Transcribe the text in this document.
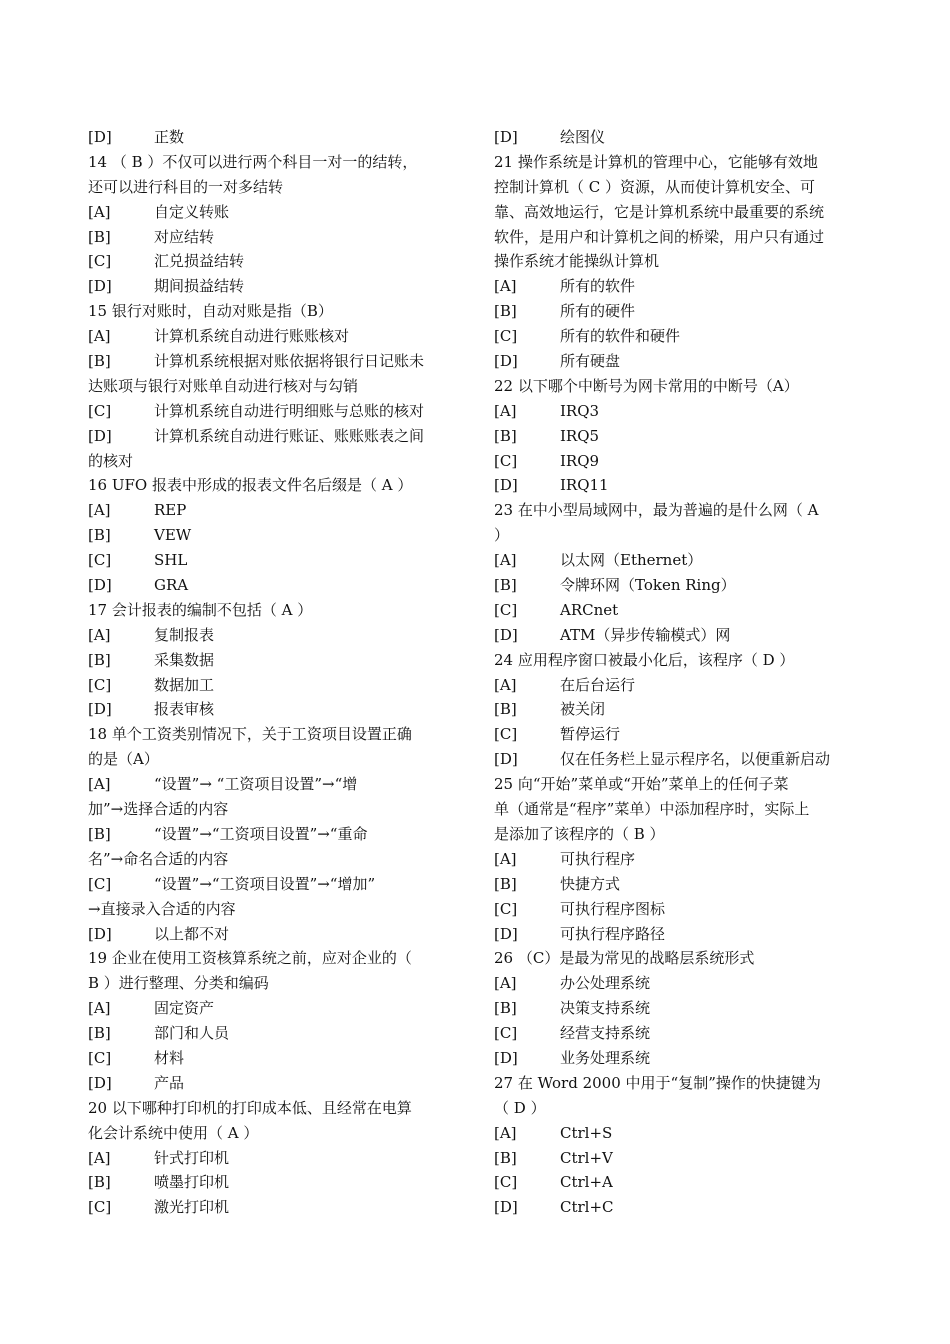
[D]	正数
14 （ B ）不仅可以进行两个科目一对一的结转，
还可以进行科目的一对多结转
[A]	自定义转账
[B]	对应结转
[C]	汇兑损益结转
[D]	期间损益结转
15 银行对账时，自动对账是指（B）
[A]	计算机系统自动进行账账核对
[B]	计算机系统根据对账依据将银行日记账未
达账项与银行对账单自动进行核对与勾销
[C]	计算机系统自动进行明细账与总账的核对
[D]	计算机系统自动进行账证、账账账表之间
的核对
16 UFO 报表中形成的报表文件名后缀是（ A ）
[A]	REP
[B]	VEW
[C]	SHL
[D]	GRA
17 会计报表的编制不包括（ A ）
[A]	复制报表
[B]	采集数据
[C]	数据加工
[D]	报表审核
18 单个工资类别情况下，关于工资项目设置正确
的是（A）
[A]	“设置”→ “工资项目设置”→“增
加”→选择合适的内容
[B]	“设置”→“工资项目设置”→“重命
名”→命名合适的内容
[C]	“设置”→“工资项目设置”→“增加”
→直接录入合适的内容
[D]	以上都不对
19 企业在使用工资核算系统之前，应对企业的（
B ）进行整理、分类和编码
[A]	固定资产
[B]	部门和人员
[C]	材料
[D]	产品
20 以下哪种打印机的打印成本低、且经常在电算
化会计系统中使用（ A ）
[A]	针式打印机
[B]	喷墨打印机
[C]	激光打印机
[D]	绘图仪
21 操作系统是计算机的管理中心，它能够有效地
控制计算机（ C ）资源，从而使计算机安全、可
靠、高效地运行，它是计算机系统中最重要的系统
软件，是用户和计算机之间的桥梁，用户只有通过
操作系统才能操纵计算机
[A]	所有的软件
[B]	所有的硬件
[C]	所有的软件和硬件
[D]	所有硬盘
22 以下哪个中断号为网卡常用的中断号（A）
[A]	IRQ3
[B]	IRQ5
[C]	IRQ9
[D]	IRQ11
23 在中小型局域网中，最为普遍的是什么网（ A
）
[A]	以太网（Ethernet）
[B]	令牌环网（Token Ring）
[C]	ARCnet
[D]	ATM（异步传输模式）网
24 应用程序窗口被最小化后，该程序（ D ）
[A]	在后台运行
[B]	被关闭
[C]	暂停运行
[D]	仅在任务栏上显示程序名，以便重新启动
25 向“开始”菜单或“开始”菜单上的任何子菜
单（通常是“程序”菜单）中添加程序时，实际上
是添加了该程序的（ B ）
[A]	可执行程序
[B]	快捷方式
[C]	可执行程序图标
[D]	可执行程序路径
26 （C）是最为常见的战略层系统形式
[A]	办公处理系统
[B]	决策支持系统
[C]	经营支持系统
[D]	业务处理系统
27 在 Word 2000 中用于“复制”操作的快捷键为
（ D ）
[A]	Ctrl+S
[B]	Ctrl+V
[C]	Ctrl+A
[D]	Ctrl+C
